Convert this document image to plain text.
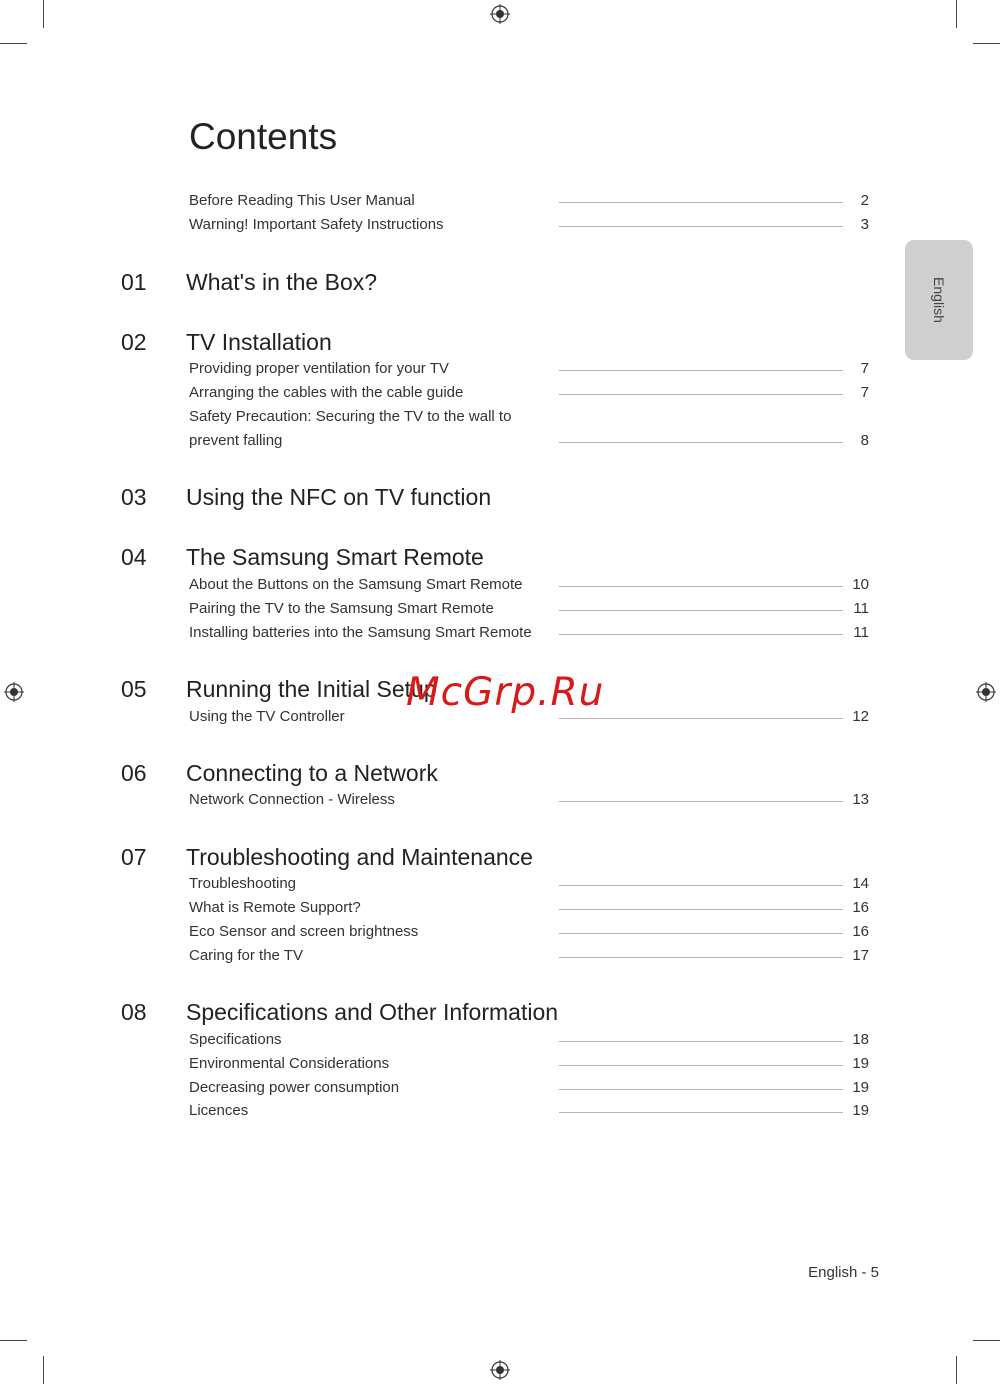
Contents
English
Before Reading This User Manual	2
Warning! Important Safety Instructions	3
01 What's in the Box?
02 TV Installation
Providing proper ventilation for your TV	7
Arranging the cables with the cable guide	7
Safety Precaution: Securing the TV to the wall to
prevent falling	8
03 Using the NFC on TV function
04 The Samsung Smart Remote
About the Buttons on the Samsung Smart Remote	10
Pairing the TV to the Samsung Smart Remote	11
Installing batteries into the Samsung Smart Remote	11
05 Running the Initial Setup
Using the TV Controller	12
06 Connecting to a Network
Network Connection - Wireless	13
07 Troubleshooting and Maintenance
Troubleshooting	14
What is Remote Support?	16
Eco Sensor and screen brightness	16
Caring for the TV	17
08 Specifications and Other Information
Specifications	18
Environmental Considerations	19
Decreasing power consumption	19
Licences	19
McGrp.Ru
English - 5
